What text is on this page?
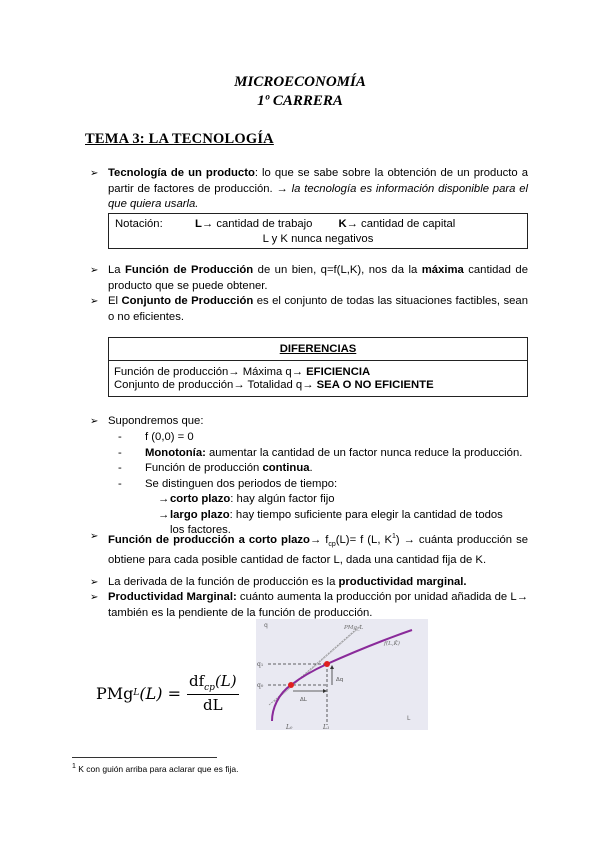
MICROECONOMÍA
1º CARRERA
TEMA 3: LA TECNOLOGÍA
➢ Tecnología de un producto: lo que se sabe sobre la obtención de un producto a partir de factores de producción. → la tecnología es información disponible para el que quiera usarla.
Notación:	L→ cantidad de trabajo K→ cantidad de capital
L y K nunca negativos
➢ La Función de Producción de un bien, q=f(L,K), nos da la máxima cantidad de producto que se puede obtener.
➢ El Conjunto de Producción es el conjunto de todas las situaciones factibles, sean o no eficientes.
DIFERENCIAS
Función de producción→ Máxima q→ EFICIENCIA
Conjunto de producción→ Totalidad q→ SEA O NO EFICIENTE
➢ Supondremos que:
- f (0,0) = 0
- Monotonía: aumentar la cantidad de un factor nunca reduce la producción.
- Función de producción continua.
- Se distinguen dos periodos de tiempo:
→ corto plazo: hay algún factor fijo
→ largo plazo: hay tiempo suficiente para elegir la cantidad de todos los factores.
➢ Función de producción a corto plazo→ $f_{cp}(L)= f$ (L, $K^1$) → cuánta producción se obtiene para cada posible cantidad de factor L, dada una cantidad fija de K.
➢ La derivada de la función de producción es la productividad marginal.
➢ Productividad Marginal: cuánto aumenta la producción por unidad añadida de L→ también es la pendiente de la función de producción.
PMg L $(L) = \frac{df_{cp}(L)}{dL}$
q
L
PMg_L
f(L,K̄)
q₁
q₀
Δq
ΔL
L₀	L₁
$^1$ K con guión arriba para aclarar que es fija.
